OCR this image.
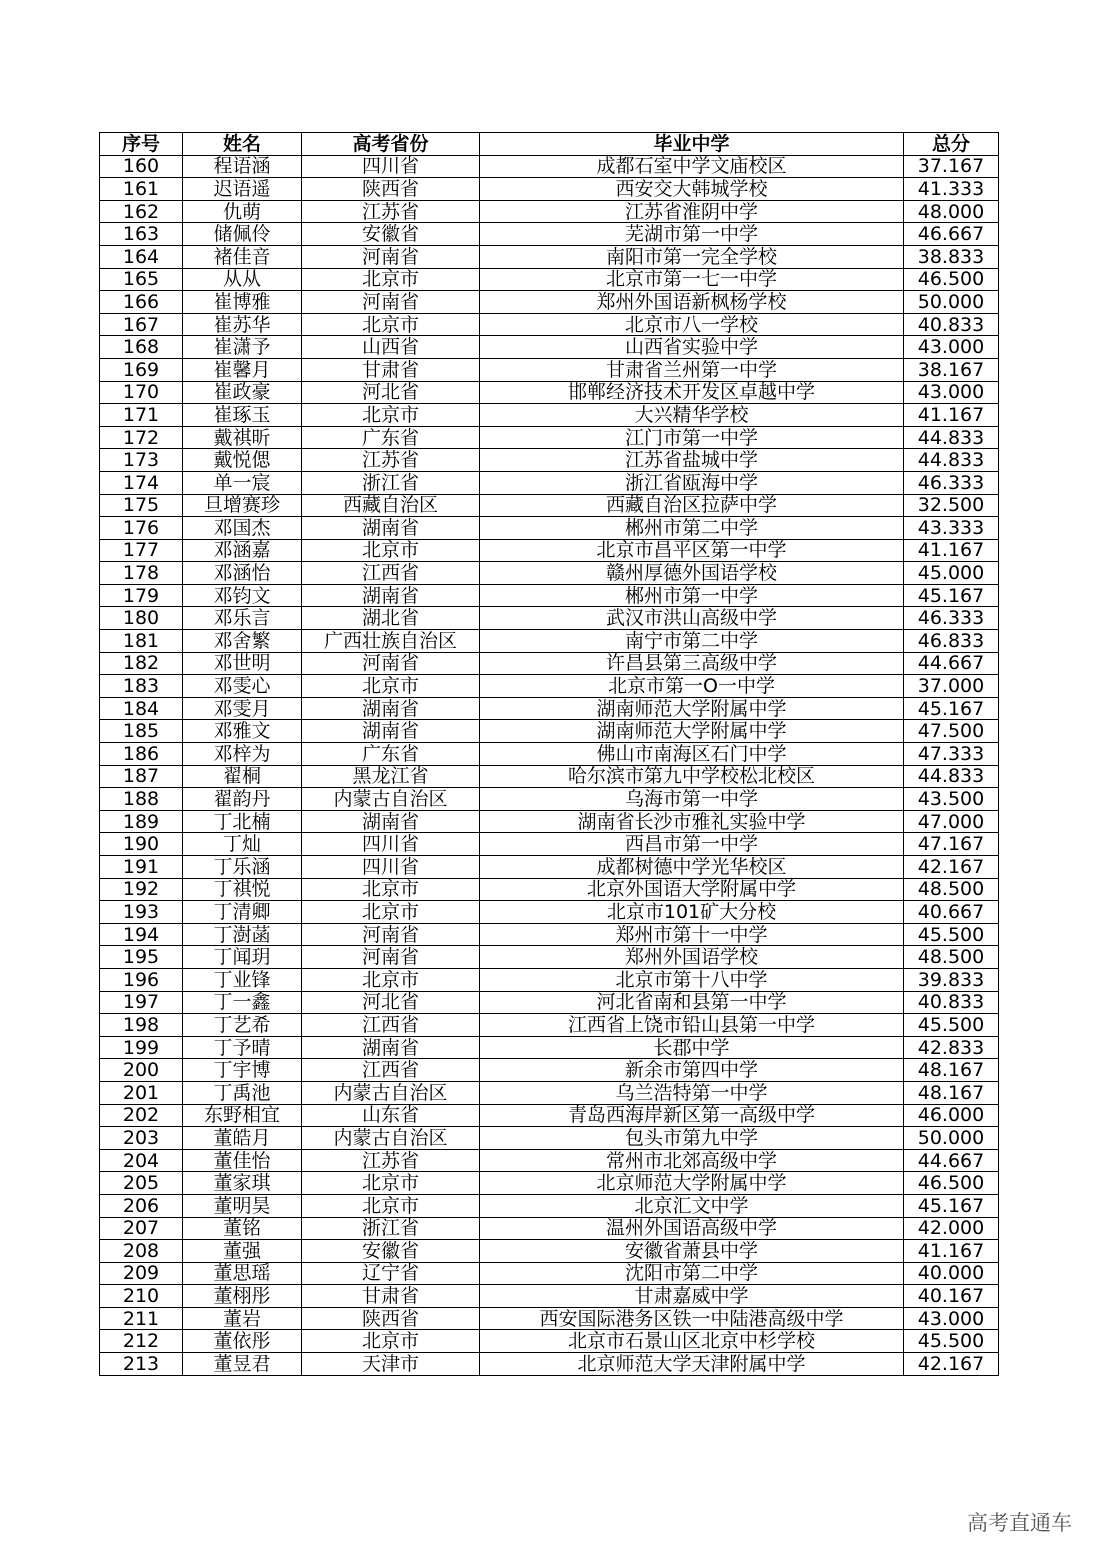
序号	姓名	高考省份	毕业中学	总分
160	程语涵	四川省	成都石室中学文庙校区	37.167
161	迟语遥	陕西省	西安交大韩城学校	41.333
162	仇萌	江苏省	江苏省淮阴中学	48.000
163	储佩伶	安徽省	芜湖市第一中学	46.667
164	褚佳音	河南省	南阳市第一完全学校	38.833
165	从从	北京市	北京市第一七一中学	46.500
166	崔博雅	河南省	郑州外国语新枫杨学校	50.000
167	崔苏华	北京市	北京市八一学校	40.833
168	崔潇予	山西省	山西省实验中学	43.000
169	崔馨月	甘肃省	甘肃省兰州第一中学	38.167
170	崔政豪	河北省	邯郸经济技术开发区卓越中学	43.000
171	崔琢玉	北京市	大兴精华学校	41.167
172	戴祺昕	广东省	江门市第一中学	44.833
173	戴悦偲	江苏省	江苏省盐城中学	44.833
174	单一宸	浙江省	浙江省瓯海中学	46.333
175	旦增赛珍	西藏自治区	西藏自治区拉萨中学	32.500
176	邓国杰	湖南省	郴州市第二中学	43.333
177	邓涵嘉	北京市	北京市昌平区第一中学	41.167
178	邓涵怡	江西省	赣州厚德外国语学校	45.000
179	邓钧文	湖南省	郴州市第一中学	45.167
180	邓乐言	湖北省	武汉市洪山高级中学	46.333
181	邓舍繁	广西壮族自治区	南宁市第二中学	46.833
182	邓世明	河南省	许昌县第三高级中学	44.667
183	邓雯心	北京市	北京市第一O一中学	37.000
184	邓雯月	湖南省	湖南师范大学附属中学	45.167
185	邓雅文	湖南省	湖南师范大学附属中学	47.500
186	邓梓为	广东省	佛山市南海区石门中学	47.333
187	翟桐	黑龙江省	哈尔滨市第九中学校松北校区	44.833
188	翟韵丹	内蒙古自治区	乌海市第一中学	43.500
189	丁北楠	湖南省	湖南省长沙市雅礼实验中学	47.000
190	丁灿	四川省	西昌市第一中学	47.167
191	丁乐涵	四川省	成都树德中学光华校区	42.167
192	丁祺悦	北京市	北京外国语大学附属中学	48.500
193	丁清卿	北京市	北京市101矿大分校	40.667
194	丁澍菡	河南省	郑州市第十一中学	45.500
195	丁闻玥	河南省	郑州外国语学校	48.500
196	丁业锋	北京市	北京市第十八中学	39.833
197	丁一鑫	河北省	河北省南和县第一中学	40.833
198	丁艺希	江西省	江西省上饶市铅山县第一中学	45.500
199	丁予晴	湖南省	长郡中学	42.833
200	丁宇博	江西省	新余市第四中学	48.167
201	丁禹池	内蒙古自治区	乌兰浩特第一中学	48.167
202	东野相宜	山东省	青岛西海岸新区第一高级中学	46.000
203	董皓月	内蒙古自治区	包头市第九中学	50.000
204	董佳怡	江苏省	常州市北郊高级中学	44.667
205	董家琪	北京市	北京师范大学附属中学	46.500
206	董明昊	北京市	北京汇文中学	45.167
207	董铭	浙江省	温州外国语高级中学	42.000
208	董强	安徽省	安徽省萧县中学	41.167
209	董思瑶	辽宁省	沈阳市第二中学	40.000
210	董栩彤	甘肃省	甘肃嘉威中学	40.167
211	董岩	陕西省	西安国际港务区铁一中陆港高级中学	43.000
212	董依彤	北京市	北京市石景山区北京中杉学校	45.500
213	董昱君	天津市	北京师范大学天津附属中学	42.167
高考直通车
